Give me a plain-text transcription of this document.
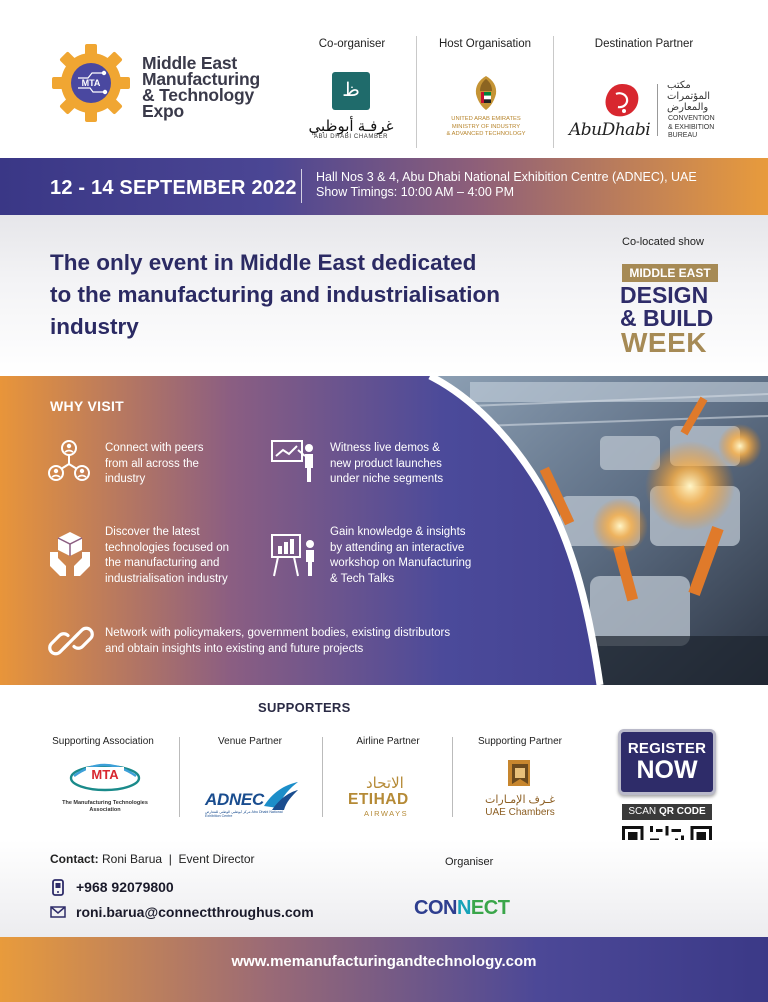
MTA
Middle East
Manufacturing
& Technology
Expo
Co-organiser	Host Organisation	Destination Partner
ظ
غرفـة أبوظبي
ABU DHABI CHAMBER
UNITED ARAB EMIRATES
MINISTRY OF INDUSTRY
& ADVANCED TECHNOLOGY	AbuDhabi
مكتب
المؤتمرات
والمعارض
CONVENTION
& EXHIBITION
BUREAU
12 - 14 SEPTEMBER 2022 Hall Nos 3 & 4, Abu Dhabi National Exhibition Centre (ADNEC), UAE
Show Timings: 10:00 AM – 4:00 PM
The only event in Middle East dedicated
to the manufacturing and industrialisation
industry
Co-located show
MIDDLE EAST
DESIGN
& BUILD
WEEK
WHY VISIT
Connect with peers
from all across the
industry
Witness live demos &
new product launches
under niche segments
Discover the latest
technologies focused on
the manufacturing and
industrialisation industry
Gain knowledge & insights
by attending an interactive
workshop on Manufacturing
& Tech Talks
Network with policymakers, government bodies, existing distributors
and obtain insights into existing and future projects
SUPPORTERS
Supporting Association	Venue Partner	Airline Partner	Supporting Partner
MTA
The Manufacturing Technologies
Association
ADNEC
مركز أبوظبي الوطني للمعارض Abu Dhabi National Exhibition Centre
الاتحاد
ETIHAD
AIRWAYS
غـرف الإمـارات
UAE Chambers
REGISTER
NOW
SCAN QR CODE
Contact: Roni Barua | Event Director
+968 92079800
roni.barua@connectthroughus.com
Organiser
CONNECT
www.memanufacturingandtechnology.com
